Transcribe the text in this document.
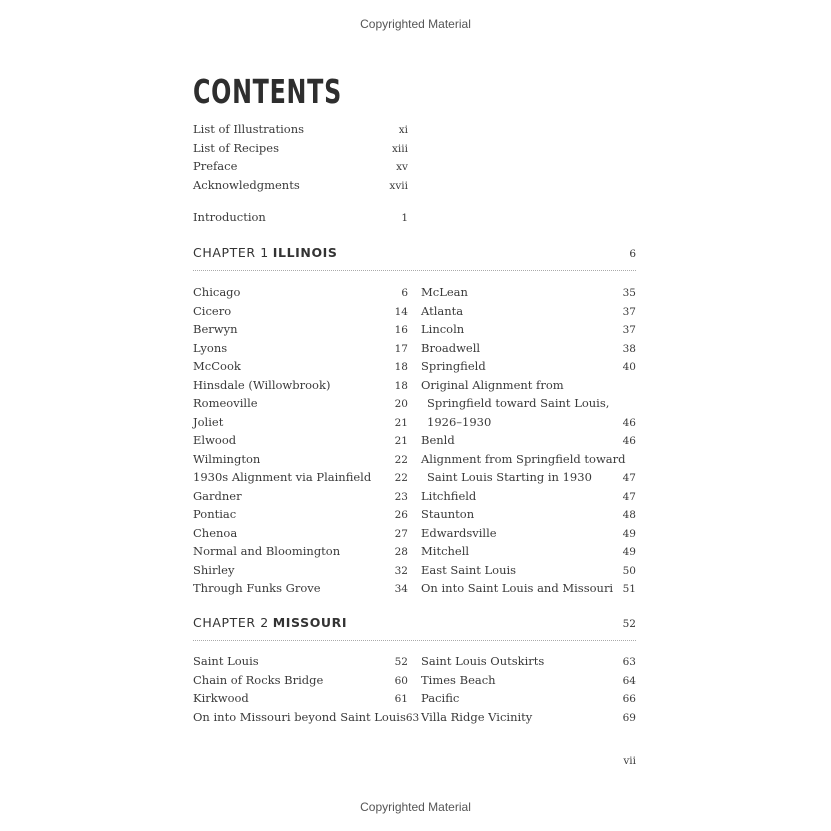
Copyrighted Material
CONTENTS
List of Illustrations	xi
List of Recipes	xiii
Preface	xv
Acknowledgments	xvii
Introduction	1
CHAPTER 1 ILLINOIS	6
Chicago	6
Cicero	14
Berwyn	16
Lyons	17
McCook	18
Hinsdale (Willowbrook)	18
Romeoville	20
Joliet	21
Elwood	21
Wilmington	22
1930s Alignment via Plainfield 22
Gardner	23
Pontiac	26
Chenoa	27
Normal and Bloomington	28
Shirley	32
Through Funks Grove	34
McLean	35
Atlanta	37
Lincoln	37
Broadwell	38
Springfield	40
Original Alignment from
Springfield toward Saint Louis,
1926–1930	46
Benld	46
Alignment from Springfield toward
Saint Louis Starting in 1930	47
Litchfield	47
Staunton	48
Edwardsville	49
Mitchell	49
East Saint Louis	50
On into Saint Louis and Missouri 51
CHAPTER 2 MISSOURI	52
Saint Louis	52
Chain of Rocks Bridge	60
Kirkwood	61
On into Missouri beyond Saint Louis 63
Saint Louis Outskirts	63
Times Beach	64
Pacific	66
Villa Ridge Vicinity	69
vii
Copyrighted Material
